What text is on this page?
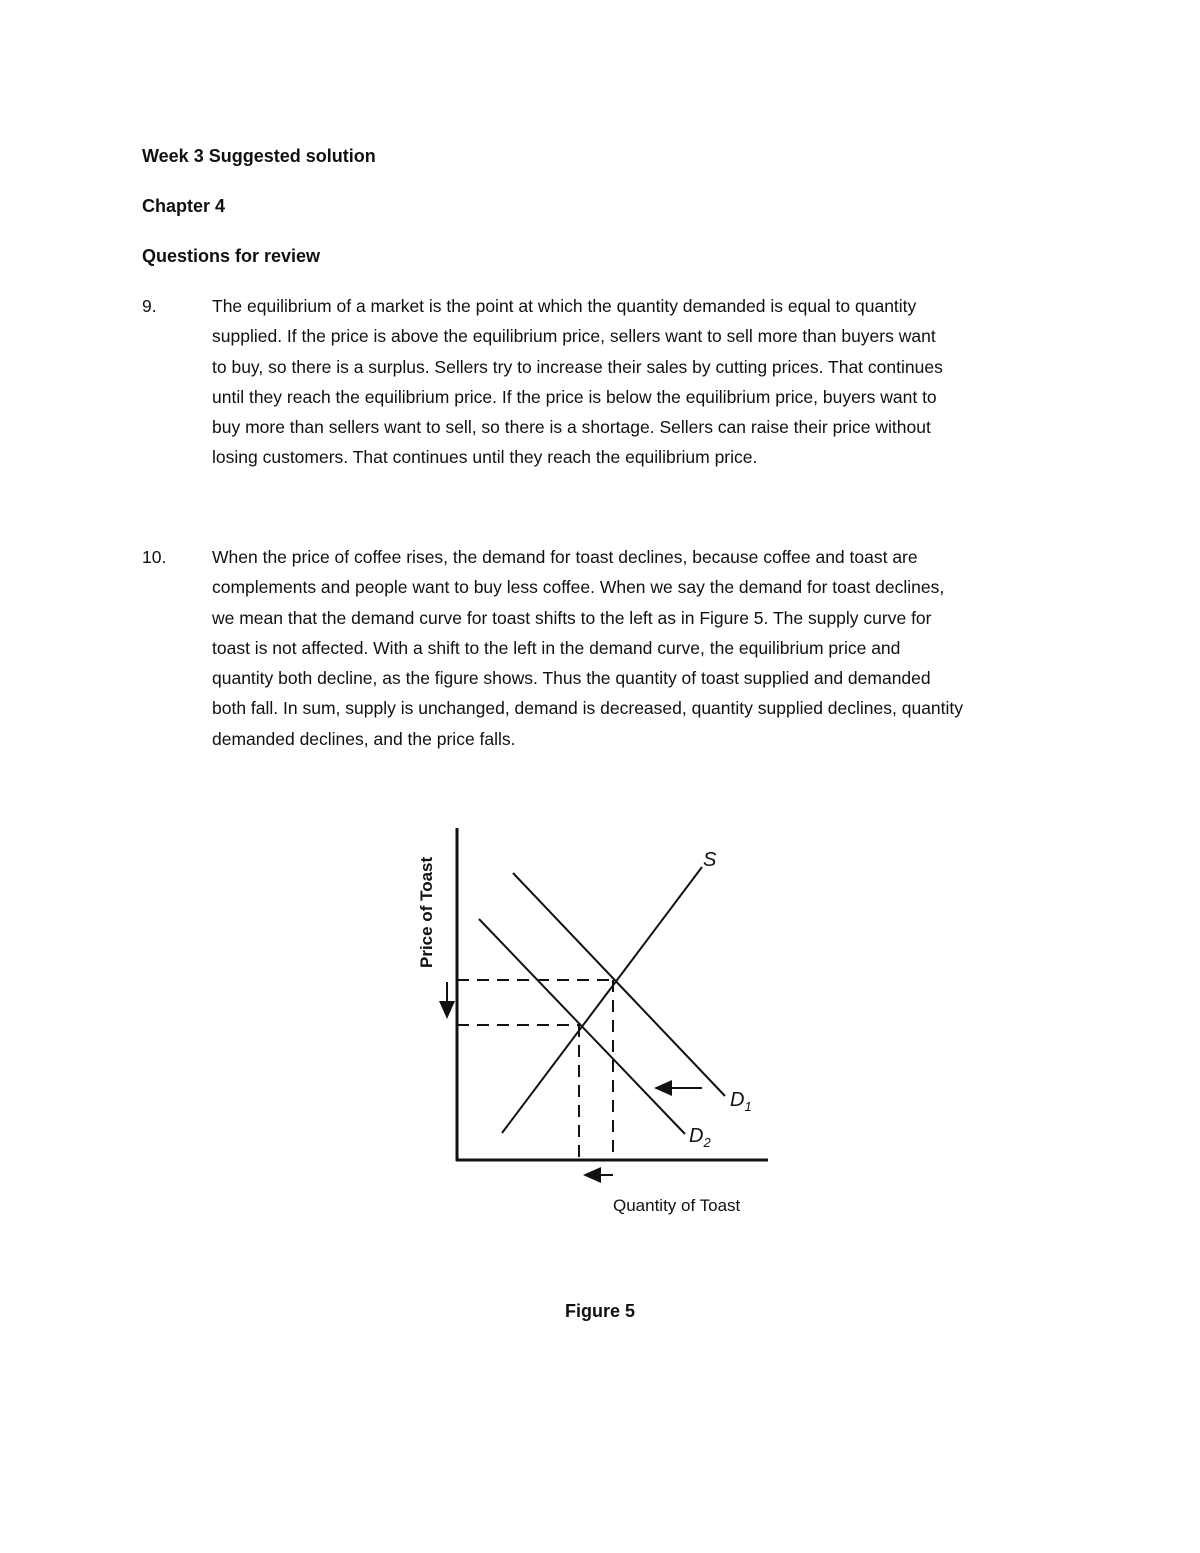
Week 3 Suggested solution
Chapter 4
Questions for review
9.	The equilibrium of a market is the point at which the quantity demanded is equal to quantity
supplied. If the price is above the equilibrium price, sellers want to sell more than buyers want
to buy, so there is a surplus. Sellers try to increase their sales by cutting prices. That continues
until they reach the equilibrium price. If the price is below the equilibrium price, buyers want to
buy more than sellers want to sell, so there is a shortage. Sellers can raise their price without
losing customers. That continues until they reach the equilibrium price.
10.	When the price of coffee rises, the demand for toast declines, because coffee and toast are
complements and people want to buy less coffee. When we say the demand for toast declines,
we mean that the demand curve for toast shifts to the left as in Figure 5. The supply curve for
toast is not affected. With a shift to the left in the demand curve, the equilibrium price and
quantity both decline, as the figure shows. Thus the quantity of toast supplied and demanded
both fall. In sum, supply is unchanged, demand is decreased, quantity supplied declines, quantity
demanded declines, and the price falls.
S
$D_1$
$D_2$
Price of Toast
Quantity of Toast

Figure 5
